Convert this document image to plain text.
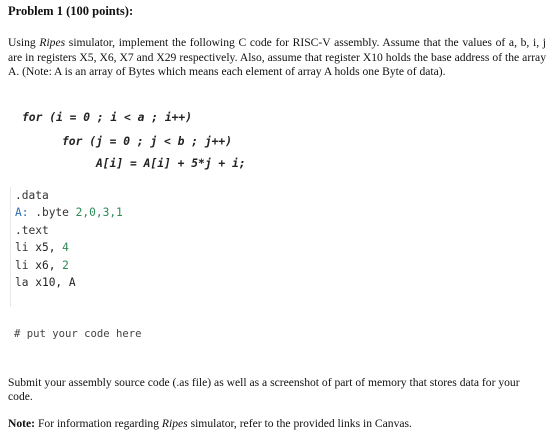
Problem 1 (100 points):
Using Ripes simulator, implement the following C code for RISC-V assembly. Assume that the values of a, b, i, j are in registers X5, X6, X7 and X29 respectively. Also, assume that register X10 holds the base address of the array A. (Note: A is an array of Bytes which means each element of array A holds one Byte of data).
for (i = 0 ; i < a ; i++)
for (j = 0 ; j < b ; j++)
A[i] = A[i] + 5*j + i;
.data
A: .byte 2,0,3,1
.text
li x5, 4
li x6, 2
la x10, A
# put your code here
Submit your assembly source code (.as file) as well as a screenshot of part of memory that stores data for your code.
Note: For information regarding Ripes simulator, refer to the provided links in Canvas.
